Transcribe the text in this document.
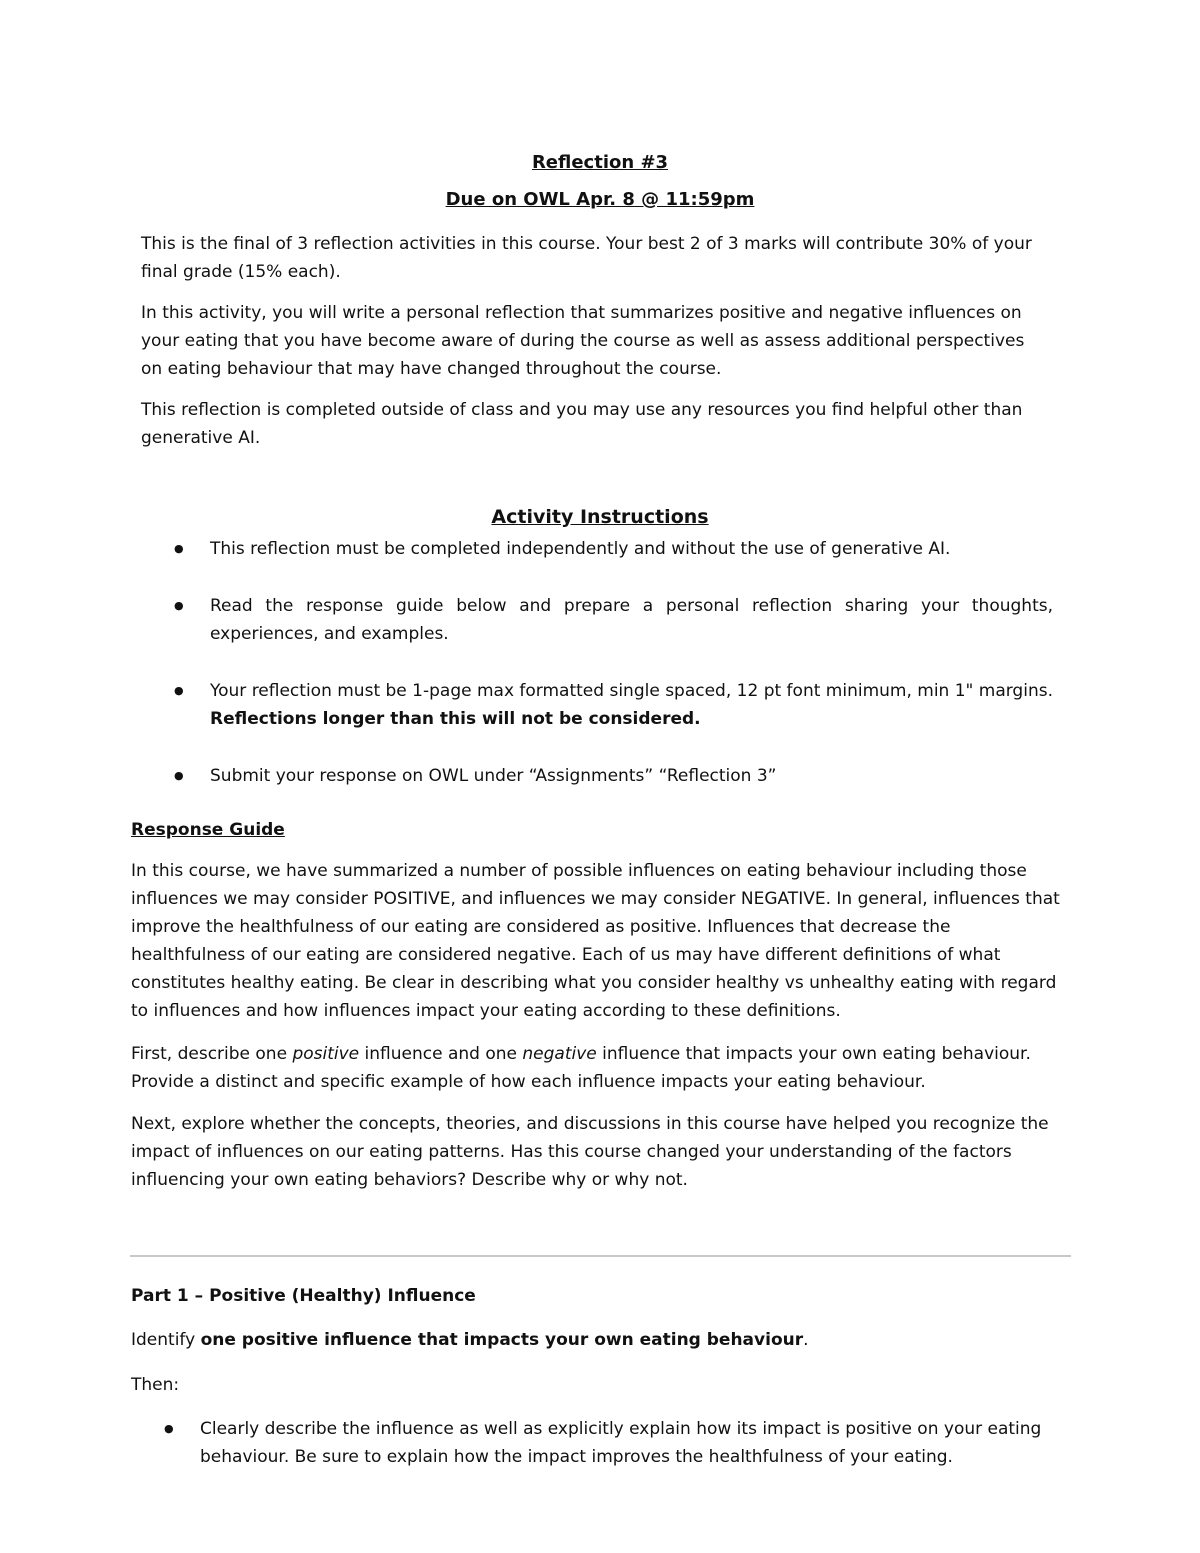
Reflection #3

Due on OWL Apr. 8 @ 11:59pm

This is the final of 3 reflection activities in this course. Your best 2 of 3 marks will contribute 30% of your final grade (15% each).

In this activity, you will write a personal reflection that summarizes positive and negative influences on your eating that you have become aware of during the course as well as assess additional perspectives on eating behaviour that may have changed throughout the course.

This reflection is completed outside of class and you may use any resources you find helpful other than generative AI.

Activity Instructions

● This reflection must be completed independently and without the use of generative AI.
● Read the response guide below and prepare a personal reflection sharing your thoughts, experiences, and examples.
● Your reflection must be 1-page max formatted single spaced, 12 pt font minimum, min 1" margins. Reflections longer than this will not be considered.
● Submit your response on OWL under “Assignments” “Reflection 3”

Response Guide

In this course, we have summarized a number of possible influences on eating behaviour including those influences we may consider POSITIVE, and influences we may consider NEGATIVE. In general, influences that improve the healthfulness of our eating are considered as positive. Influences that decrease the healthfulness of our eating are considered negative. Each of us may have different definitions of what constitutes healthy eating. Be clear in describing what you consider healthy vs unhealthy eating with regard to influences and how influences impact your eating according to these definitions.

First, describe one positive influence and one negative influence that impacts your own eating behaviour. Provide a distinct and specific example of how each influence impacts your eating behaviour.

Next, explore whether the concepts, theories, and discussions in this course have helped you recognize the impact of influences on our eating patterns. Has this course changed your understanding of the factors influencing your own eating behaviors? Describe why or why not.

Part 1 – Positive (Healthy) Influence

Identify one positive influence that impacts your own eating behaviour.

Then:

● Clearly describe the influence as well as explicitly explain how its impact is positive on your eating behaviour. Be sure to explain how the impact improves the healthfulness of your eating.
